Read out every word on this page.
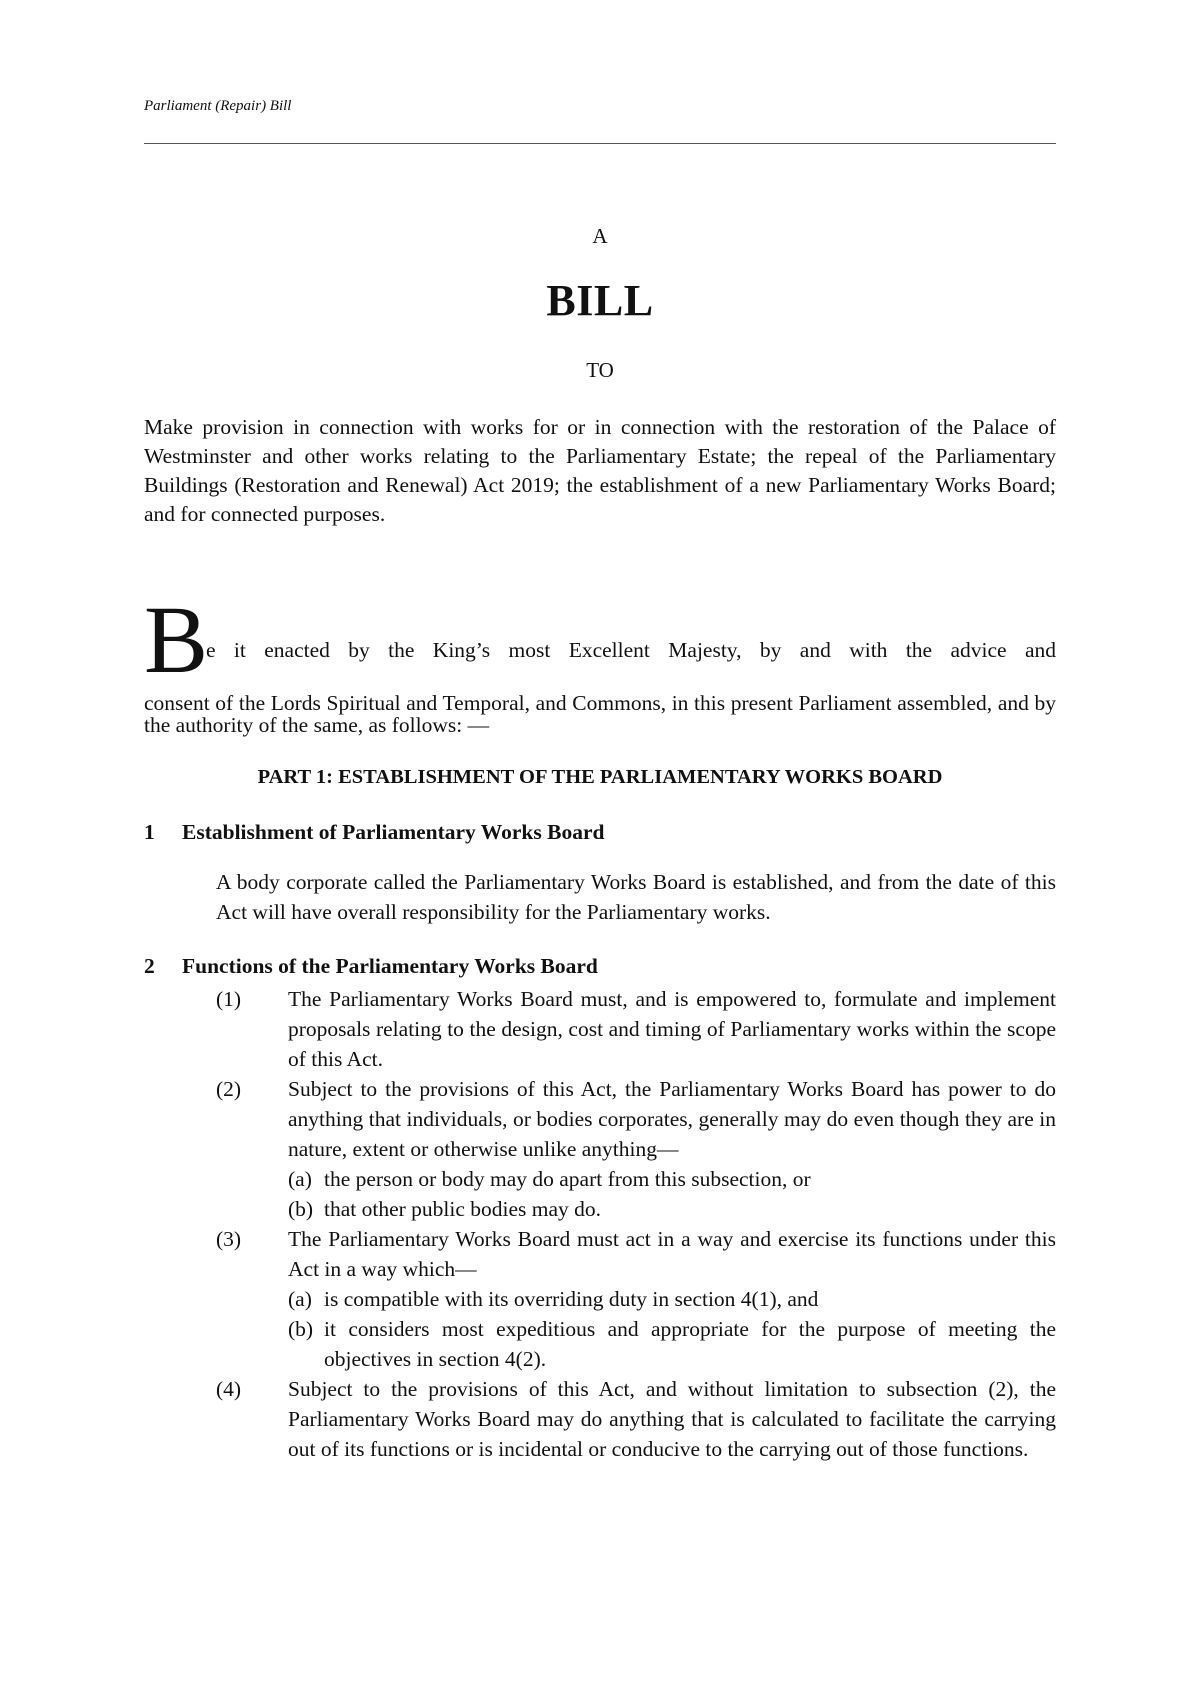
Parliament (Repair) Bill
A
BILL
TO
Make provision in connection with works for or in connection with the restoration of the Palace of Westminster and other works relating to the Parliamentary Estate; the repeal of the Parliamentary Buildings (Restoration and Renewal) Act 2019; the establishment of a new Parliamentary Works Board; and for connected purposes.
B
e it enacted by the King’s most Excellent Majesty, by and with the advice and
consent of the Lords Spiritual and Temporal, and Commons, in this present Parliament assembled, and by the authority of the same, as follows: —
PART 1: ESTABLISHMENT OF THE PARLIAMENTARY WORKS BOARD
1 Establishment of Parliamentary Works Board
A body corporate called the Parliamentary Works Board is established, and from the date of this Act will have overall responsibility for the Parliamentary works.
2 Functions of the Parliamentary Works Board
(1) The Parliamentary Works Board must, and is empowered to, formulate and implement proposals relating to the design, cost and timing of Parliamentary works within the scope of this Act.
(2) Subject to the provisions of this Act, the Parliamentary Works Board has power to do anything that individuals, or bodies corporates, generally may do even though they are in nature, extent or otherwise unlike anything—
(a) the person or body may do apart from this subsection, or
(b) that other public bodies may do.
(3) The Parliamentary Works Board must act in a way and exercise its functions under this Act in a way which—
(a) is compatible with its overriding duty in section 4(1), and
(b) it considers most expeditious and appropriate for the purpose of meeting the objectives in section 4(2).
(4) Subject to the provisions of this Act, and without limitation to subsection (2), the Parliamentary Works Board may do anything that is calculated to facilitate the carrying out of its functions or is incidental or conducive to the carrying out of those functions.
